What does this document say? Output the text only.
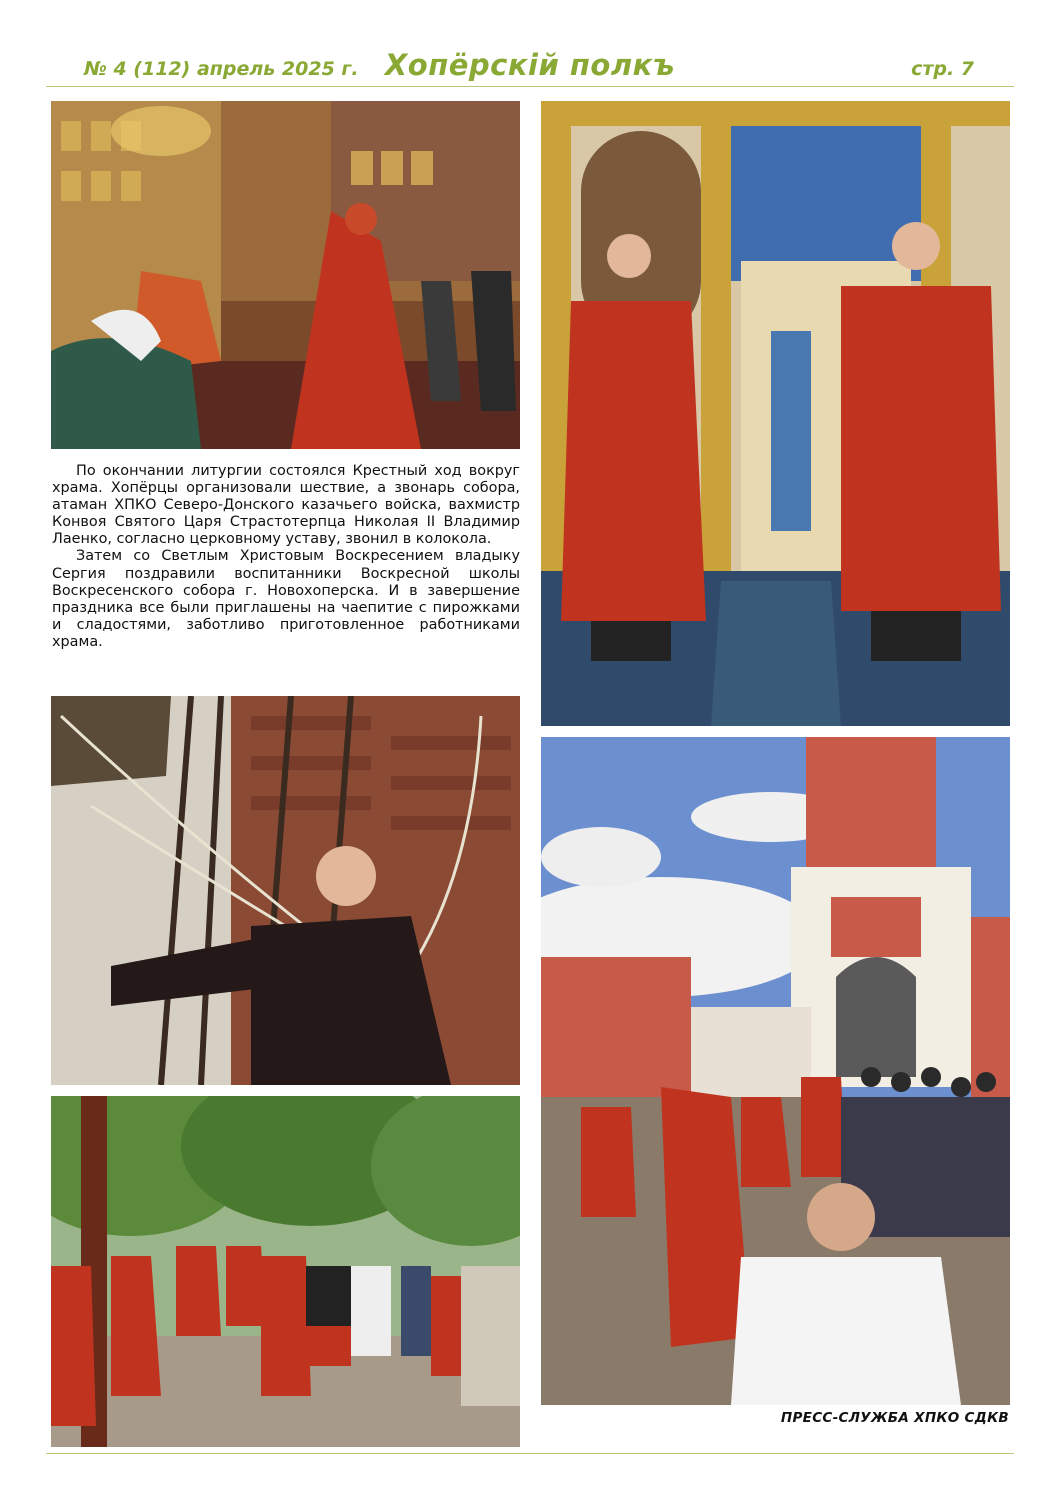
№ 4 (112) апрель 2025 г. Хопёрскiй полкъ	стр. 7

По окончании литургии состоялся Крестный ход вокруг храма. Хопёрцы организовали шествие, а звонарь собора, атаман ХПКО Северо-Донского казачьего войска, вахмистр Конвоя Святого Царя Страстотерпца Николая II Владимир Лаенко, согласно церковному уставу, звонил в колокола.

Затем со Светлым Христовым Воскресением владыку Сергия поздравили воспитанники Воскресной школы Воскресенского собора г. Новохоперска. И в завершение праздника все были приглашены на чаепитие с пирожками и сладостями, заботливо приготовленное работниками храма.

ПРЕСС-СЛУЖБА ХПКО СДКВ
